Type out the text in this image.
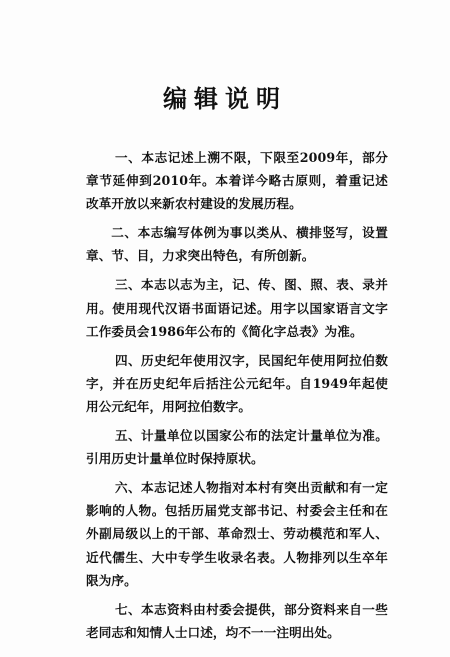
编辑说明

一、本志记述上溯不限，下限至2009年，部分章节延伸到2010年。本着详今略古原则，着重记述改革开放以来新农村建设的发展历程。

二、本志编写体例为事以类从、横排竖写，设置章、节、目，力求突出特色，有所创新。

三、本志以志为主，记、传、图、照、表、录并用。使用现代汉语书面语记述。用字以国家语言文字工作委员会1986年公布的《简化字总表》为准。

四、历史纪年使用汉字，民国纪年使用阿拉伯数字，并在历史纪年后括注公元纪年。自1949年起使用公元纪年，用阿拉伯数字。

五、计量单位以国家公布的法定计量单位为准。引用历史计量单位时保持原状。

六、本志记述人物指对本村有突出贡献和有一定影响的人物。包括历届党支部书记、村委会主任和在外副局级以上的干部、革命烈士、劳动模范和军人、近代儒生、大中专学生收录名表。人物排列以生卒年限为序。

七、本志资料由村委会提供，部分资料来自一些老同志和知情人士口述，均不一一注明出处。
